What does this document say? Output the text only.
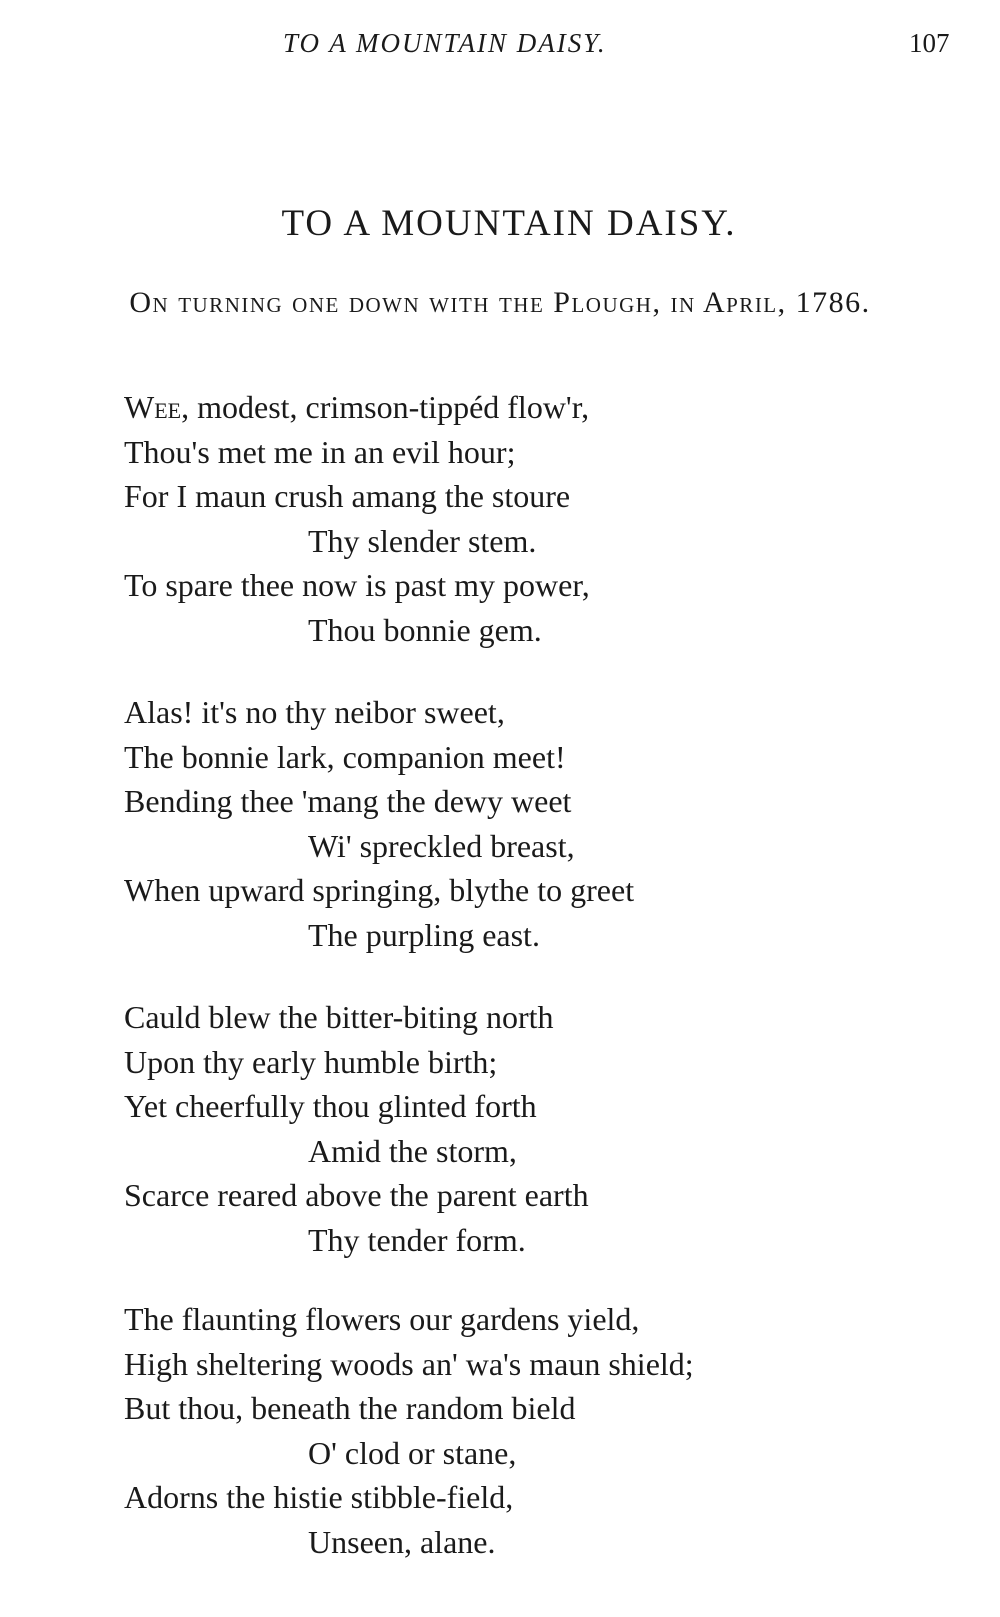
TO A MOUNTAIN DAISY.	107
TO A MOUNTAIN DAISY.
On turning one down with the Plough, in April, 1786.
Wee, modest, crimson-tippéd flow'r,
Thou's met me in an evil hour;
For I maun crush amang the stoure
Thy slender stem.
To spare thee now is past my power,
Thou bonnie gem.
Alas! it's no thy neibor sweet,
The bonnie lark, companion meet!
Bending thee 'mang the dewy weet
Wi' spreckled breast,
When upward springing, blythe to greet
The purpling east.
Cauld blew the bitter-biting north
Upon thy early humble birth;
Yet cheerfully thou glinted forth
Amid the storm,
Scarce reared above the parent earth
Thy tender form.
The flaunting flowers our gardens yield,
High sheltering woods an' wa's maun shield;
But thou, beneath the random bield
O' clod or stane,
Adorns the histie stibble-field,
Unseen, alane.
